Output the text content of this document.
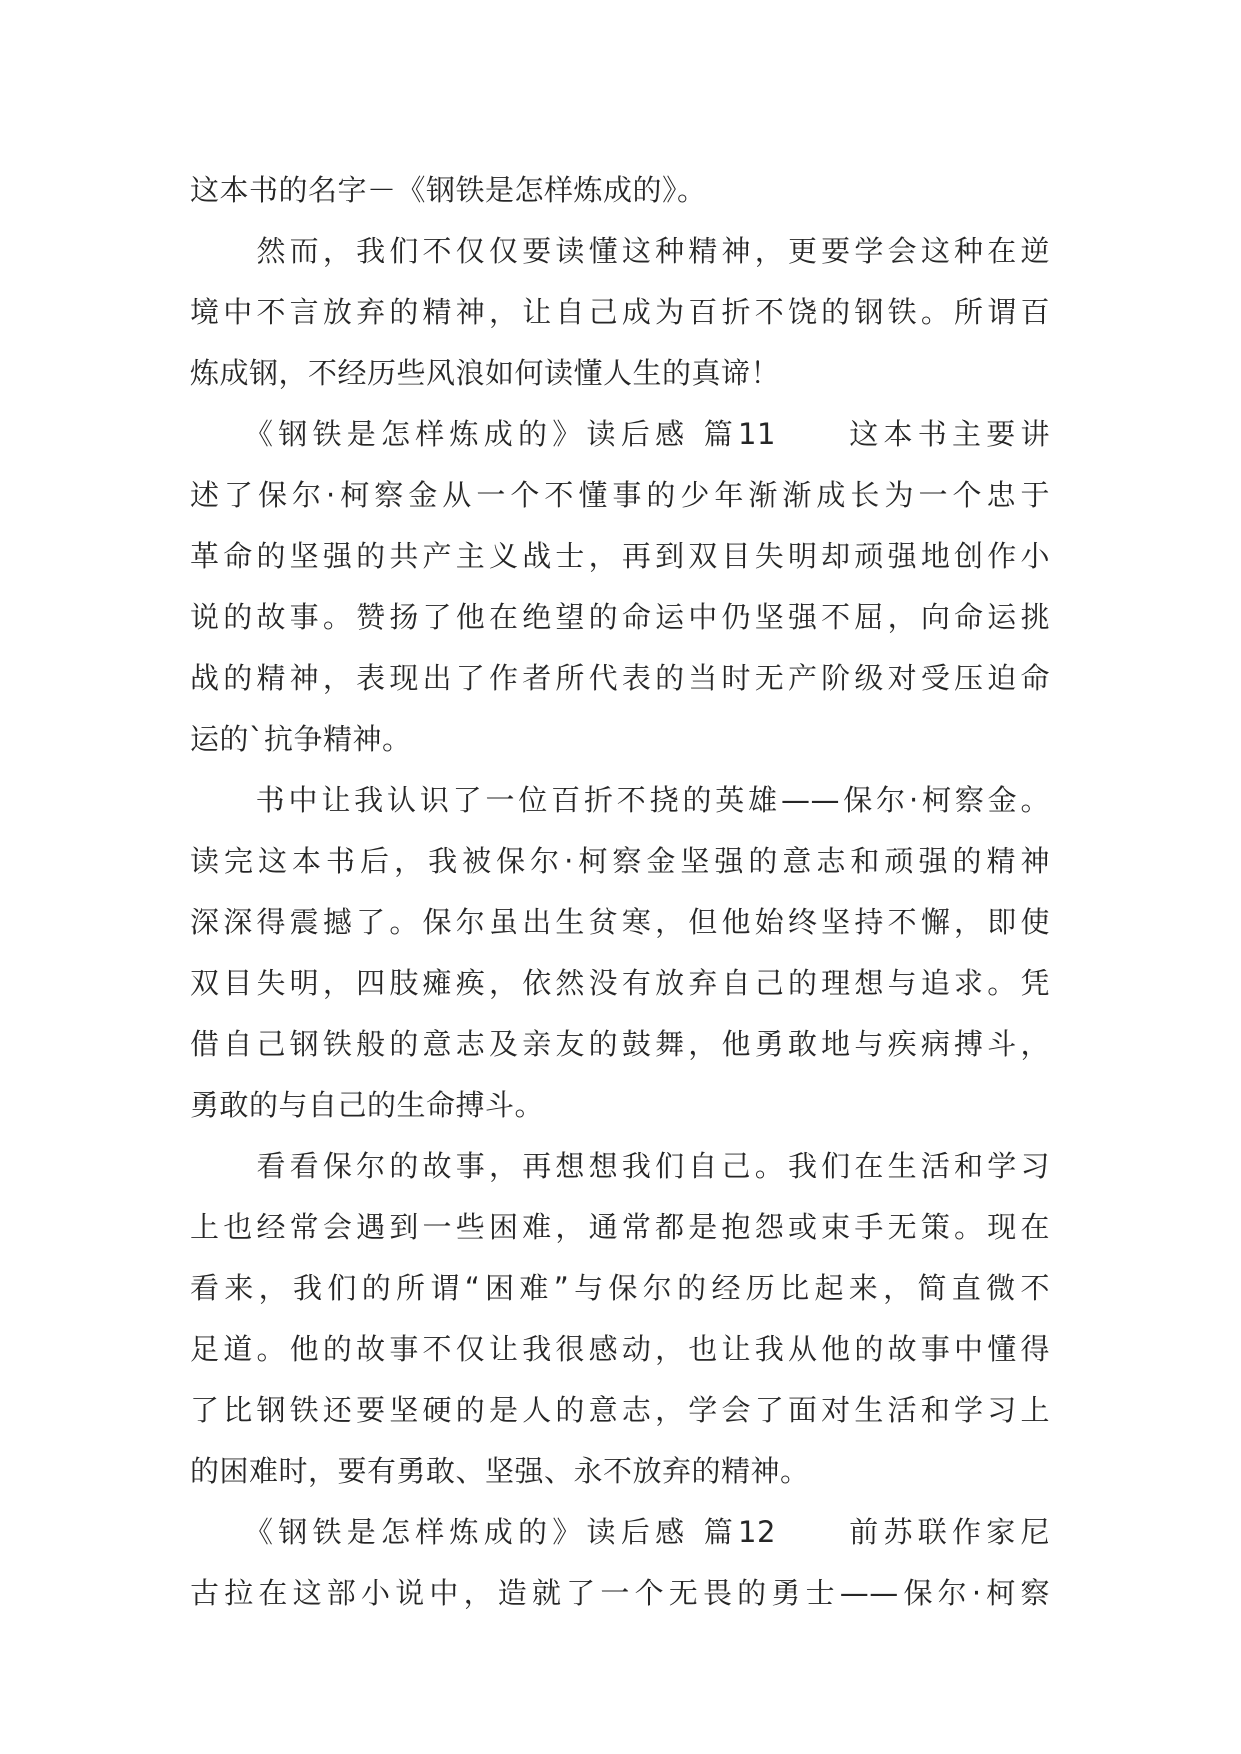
这本书的名字－《钢铁是怎样炼成的》。
　　然而，我们不仅仅要读懂这种精神，更要学会这种在逆
境中不言放弃的精神，让自己成为百折不饶的钢铁。所谓百
炼成钢，不经历些风浪如何读懂人生的真谛！
　　《钢铁是怎样炼成的》读后感 篇11　　这本书主要讲
述了保尔·柯察金从一个不懂事的少年渐渐成长为一个忠于
革命的坚强的共产主义战士，再到双目失明却顽强地创作小
说的故事。赞扬了他在绝望的命运中仍坚强不屈，向命运挑
战的精神，表现出了作者所代表的当时无产阶级对受压迫命
运的`抗争精神。
　　书中让我认识了一位百折不挠的英雄——保尔·柯察金。
读完这本书后，我被保尔·柯察金坚强的意志和顽强的精神
深深得震撼了。保尔虽出生贫寒，但他始终坚持不懈，即使
双目失明，四肢瘫痪，依然没有放弃自己的理想与追求。凭
借自己钢铁般的意志及亲友的鼓舞，他勇敢地与疾病搏斗，
勇敢的与自己的生命搏斗。
　　看看保尔的故事，再想想我们自己。我们在生活和学习
上也经常会遇到一些困难，通常都是抱怨或束手无策。现在
看来，我们的所谓“困难”与保尔的经历比起来，简直微不
足道。他的故事不仅让我很感动，也让我从他的故事中懂得
了比钢铁还要坚硬的是人的意志，学会了面对生活和学习上
的困难时，要有勇敢、坚强、永不放弃的精神。
　　《钢铁是怎样炼成的》读后感 篇12　　前苏联作家尼
古拉在这部小说中，造就了一个无畏的勇士——保尔·柯察
